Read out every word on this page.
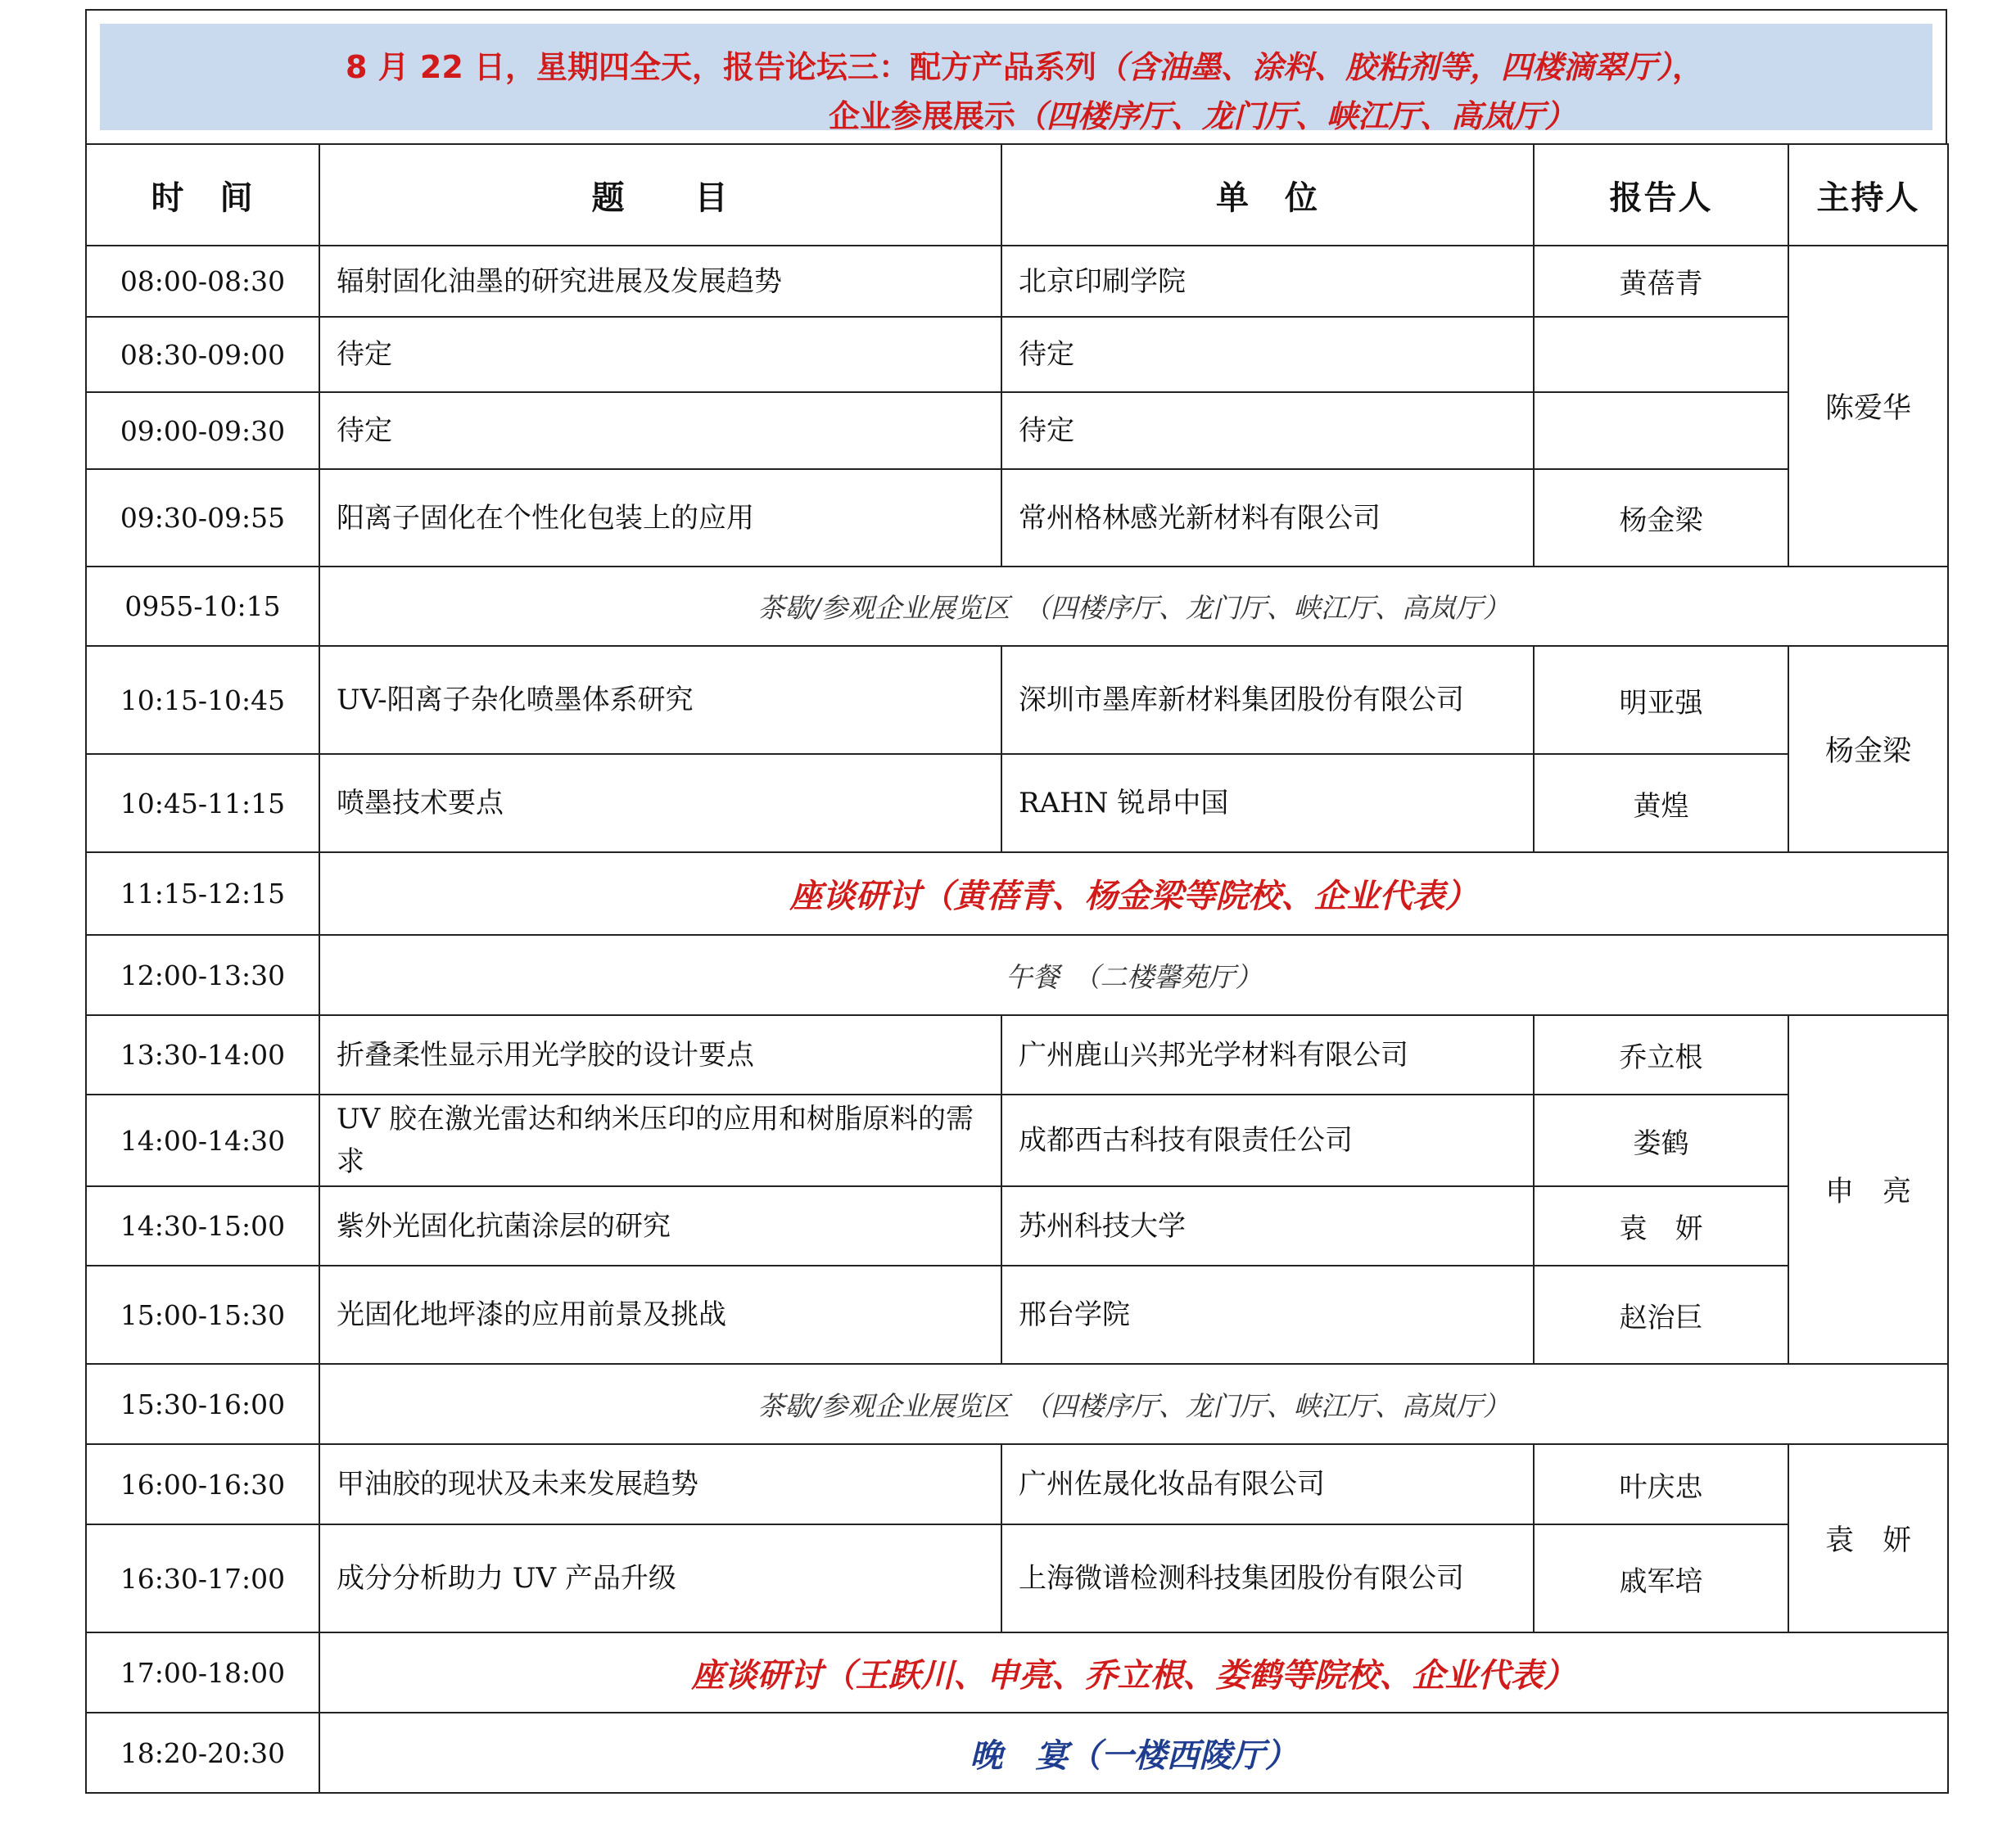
8 月 22 日，星期四全天，报告论坛三：配方产品系列（含油墨、涂料、胶粘剂等，四楼滴翠厅），
企业参展展示（四楼序厅、龙门厅、峡江厅、高岚厅）
时　间	题　　目	单　位	报告人	主持人
08:00-08:30	辐射固化油墨的研究进展及发展趋势	北京印刷学院	黄蓓青	陈爱华
08:30-09:00	待定	待定		
09:00-09:30	待定	待定		
09:30-09:55	阳离子固化在个性化包装上的应用	常州格林感光新材料有限公司	杨金梁	
0955-10:15	茶歇/参观企业展览区　（四楼序厅、龙门厅、峡江厅、高岚厅）			
10:15-10:45	UV-阳离子杂化喷墨体系研究	深圳市墨库新材料集团股份有限公司	明亚强	杨金梁
10:45-11:15	喷墨技术要点	RAHN 锐昂中国	黄煌	
11:15-12:15	座谈研讨（黄蓓青、杨金梁等院校、企业代表）			
12:00-13:30	午餐　（二楼馨苑厅）			
13:30-14:00	折叠柔性显示用光学胶的设计要点	广州鹿山兴邦光学材料有限公司	乔立根	申　亮
14:00-14:30	UV 胶在激光雷达和纳米压印的应用和树脂原料的需求	成都西古科技有限责任公司	娄鹤	
14:30-15:00	紫外光固化抗菌涂层的研究	苏州科技大学	袁　妍	
15:00-15:30	光固化地坪漆的应用前景及挑战	邢台学院	赵治巨	
15:30-16:00	茶歇/参观企业展览区　（四楼序厅、龙门厅、峡江厅、高岚厅）			
16:00-16:30	甲油胶的现状及未来发展趋势	广州佐晟化妆品有限公司	叶庆忠	袁　妍
16:30-17:00	成分分析助力 UV 产品升级	上海微谱检测科技集团股份有限公司	戚军培	
17:00-18:00	座谈研讨（王跃川、申亮、乔立根、娄鹤等院校、企业代表）			
18:20-20:30	晚　宴（一楼西陵厅）			
